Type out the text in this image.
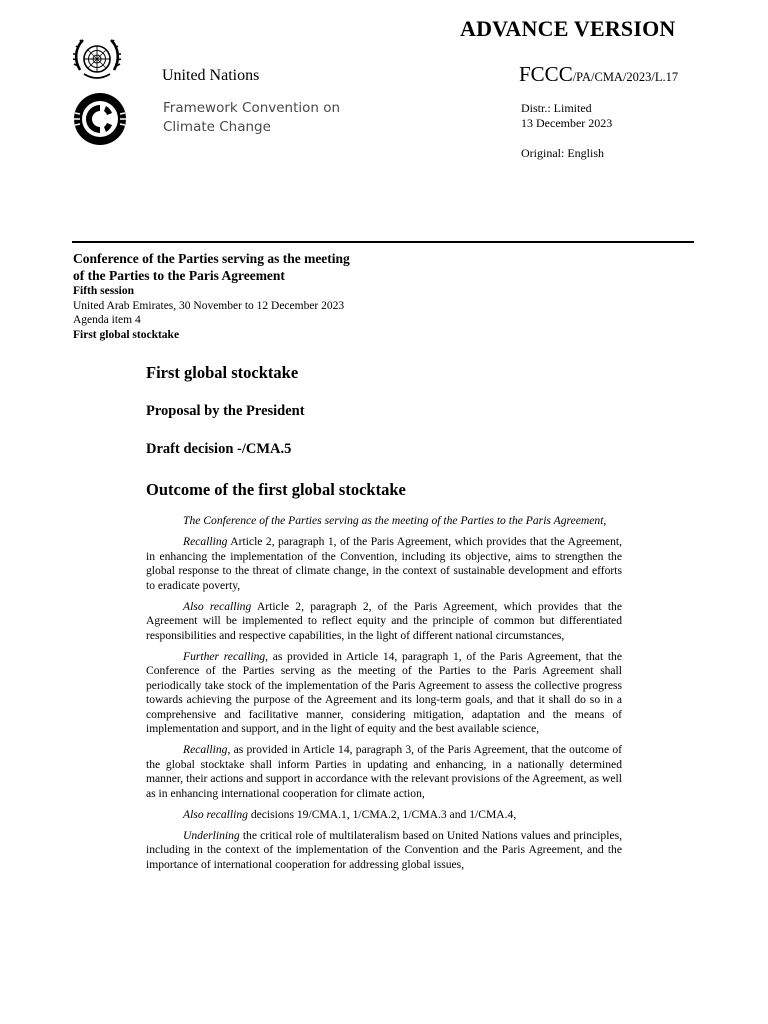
ADVANCE VERSION
United Nations	FCCC/PA/CMA/2023/L.17
Framework Convention on
Climate Change
Distr.: Limited
13 December 2023
Original: English
Conference of the Parties serving as the meeting
of the Parties to the Paris Agreement
Fifth session
United Arab Emirates, 30 November to 12 December 2023
Agenda item 4
First global stocktake
First global stocktake
Proposal by the President
Draft decision -/CMA.5
Outcome of the first global stocktake

The Conference of the Parties serving as the meeting of the Parties to the Paris Agreement,

Recalling Article 2, paragraph 1, of the Paris Agreement, which provides that the Agreement, in enhancing the implementation of the Convention, including its objective, aims to strengthen the global response to the threat of climate change, in the context of sustainable development and efforts to eradicate poverty,

Also recalling Article 2, paragraph 2, of the Paris Agreement, which provides that the Agreement will be implemented to reflect equity and the principle of common but differentiated responsibilities and respective capabilities, in the light of different national circumstances,

Further recalling, as provided in Article 14, paragraph 1, of the Paris Agreement, that the Conference of the Parties serving as the meeting of the Parties to the Paris Agreement shall periodically take stock of the implementation of the Paris Agreement to assess the collective progress towards achieving the purpose of the Agreement and its long-term goals, and that it shall do so in a comprehensive and facilitative manner, considering mitigation, adaptation and the means of implementation and support, and in the light of equity and the best available science,

Recalling, as provided in Article 14, paragraph 3, of the Paris Agreement, that the outcome of the global stocktake shall inform Parties in updating and enhancing, in a nationally determined manner, their actions and support in accordance with the relevant provisions of the Agreement, as well as in enhancing international cooperation for climate action,

Also recalling decisions 19/CMA.1, 1/CMA.2, 1/CMA.3 and 1/CMA.4,

Underlining the critical role of multilateralism based on United Nations values and principles, including in the context of the implementation of the Convention and the Paris Agreement, and the importance of international cooperation for addressing global issues,
